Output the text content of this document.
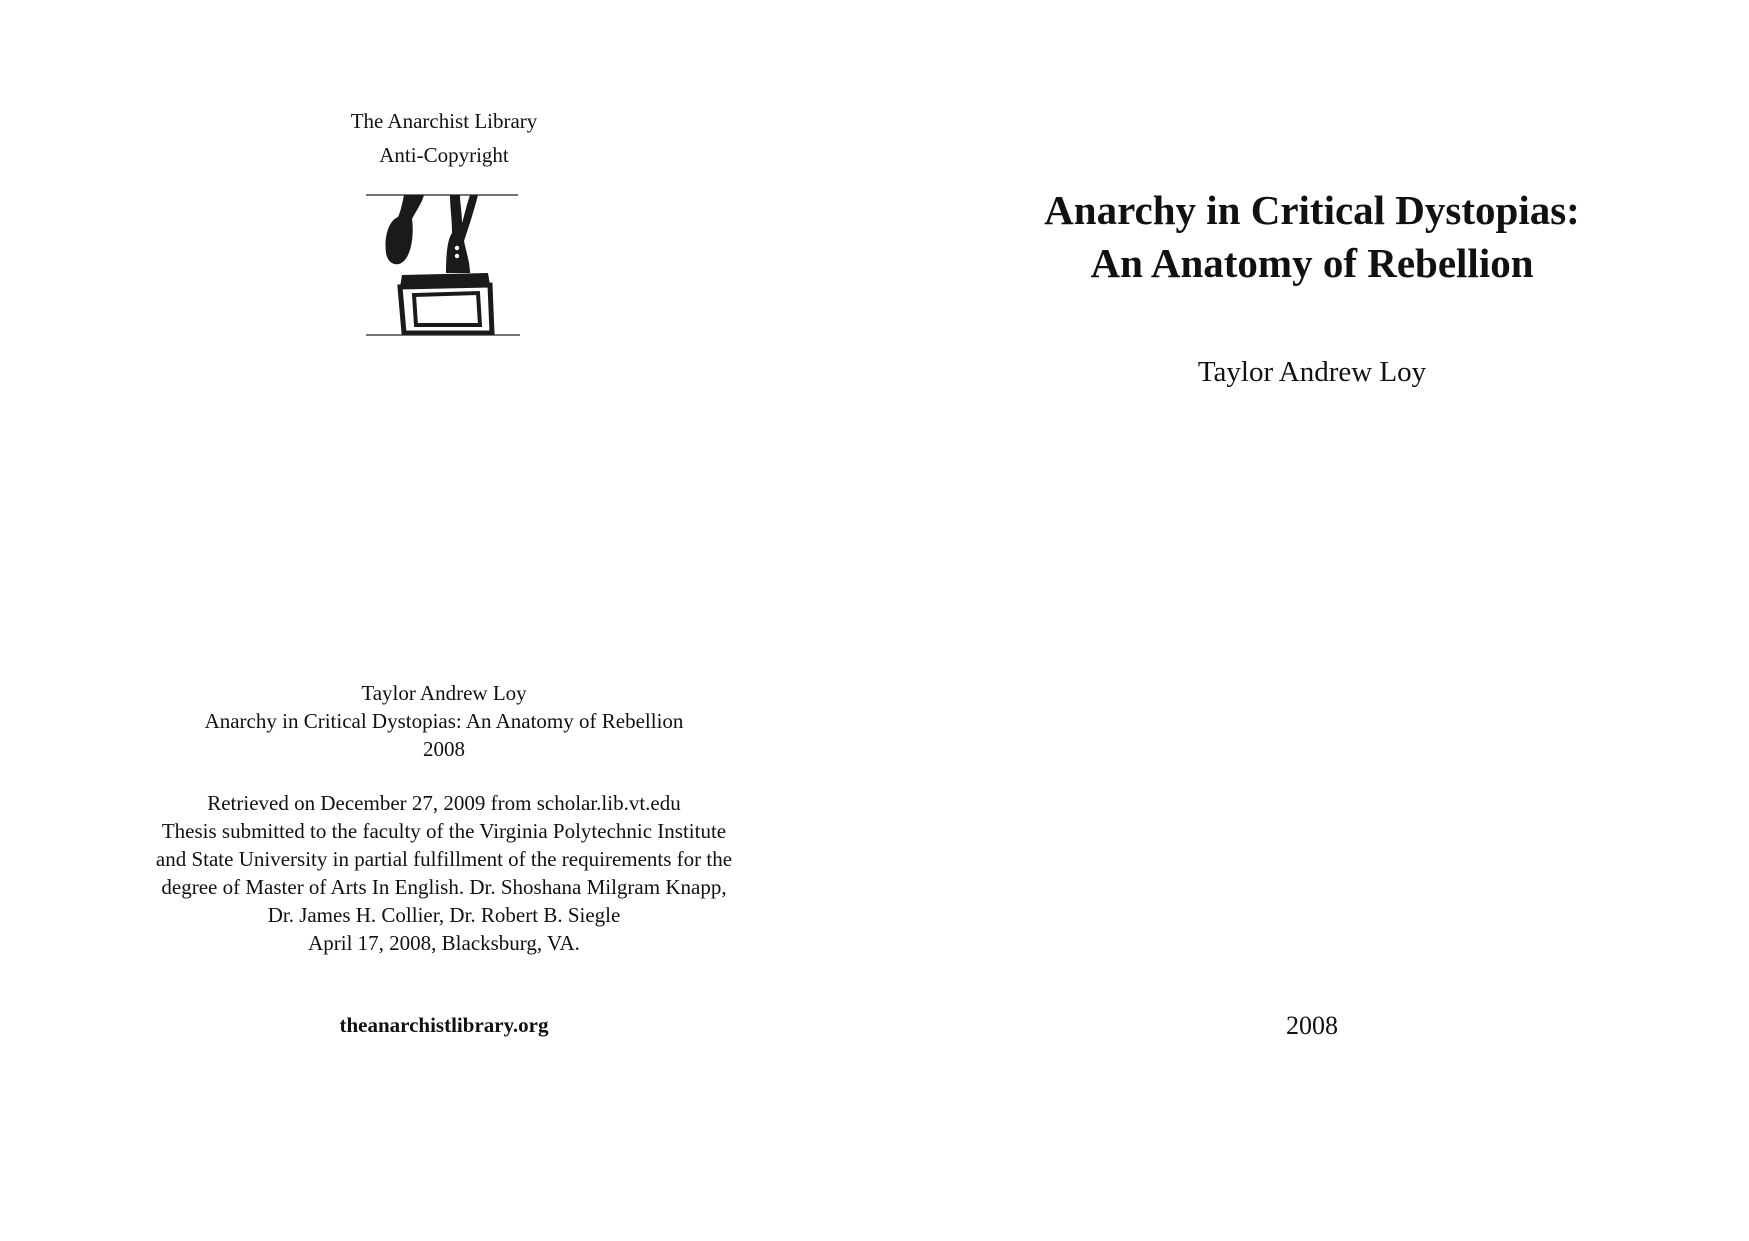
The Anarchist Library
Anti-Copyright
Taylor Andrew Loy
Anarchy in Critical Dystopias: An Anatomy of Rebellion
2008

Retrieved on December 27, 2009 from scholar.lib.vt.edu

Thesis submitted to the faculty of the Virginia Polytechnic Institute and State University in partial fulfillment of the requirements for the degree of Master of Arts In English. Dr. Shoshana Milgram Knapp, Dr. James H. Collier, Dr. Robert B. Siegle

April 17, 2008, Blacksburg, VA.

theanarchistlibrary.org
Anarchy in Critical Dystopias:
An Anatomy of Rebellion
Taylor Andrew Loy
2008
